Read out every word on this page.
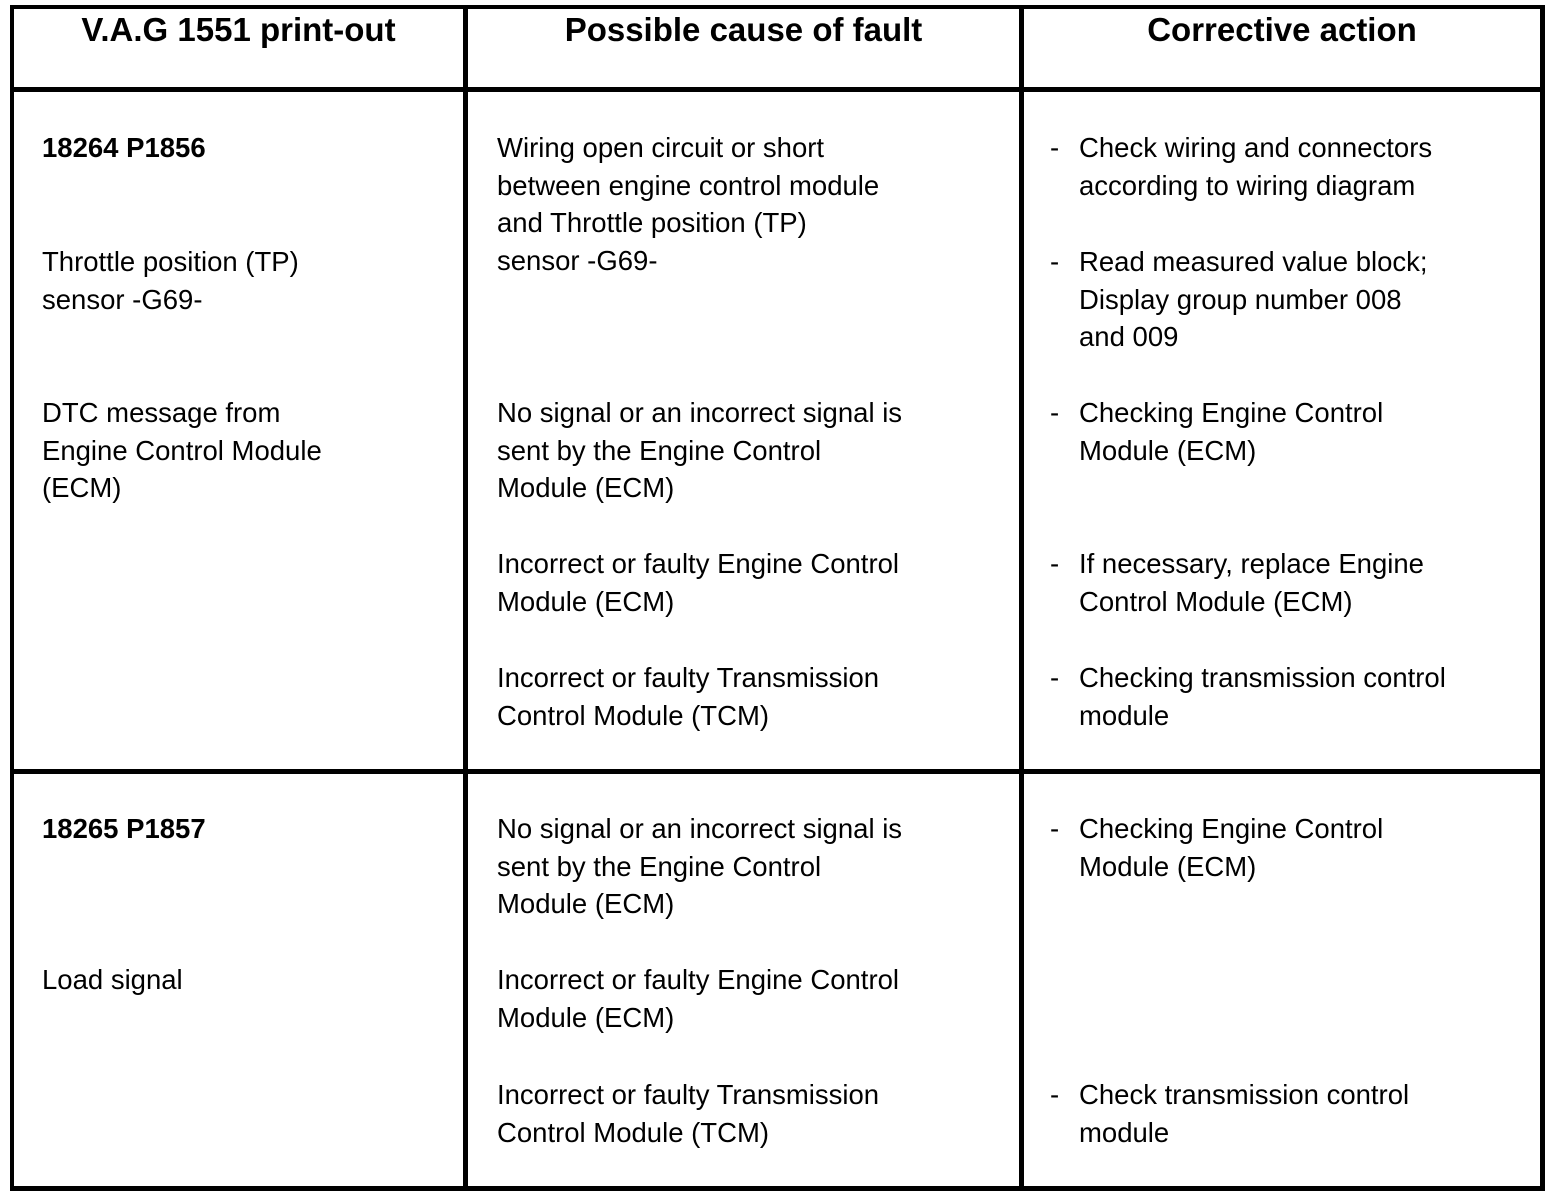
V.A.G 1551 print-out	Possible cause of fault	Corrective action
18264 P1856
Throttle position (TP)
sensor -G69-
DTC message from
Engine Control Module
(ECM)
Wiring open circuit or short
between engine control module
and Throttle position (TP)
sensor -G69-
No signal or an incorrect signal is
sent by the Engine Control
Module (ECM)
Incorrect or faulty Engine Control
Module (ECM)
Incorrect or faulty Transmission
Control Module (TCM)
- Check wiring and connectors
according to wiring diagram
- Read measured value block;
Display group number 008
and 009
- Checking Engine Control
Module (ECM)
- If necessary, replace Engine
Control Module (ECM)
- Checking transmission control
module
18265 P1857
Load signal
No signal or an incorrect signal is
sent by the Engine Control
Module (ECM)
Incorrect or faulty Engine Control
Module (ECM)
Incorrect or faulty Transmission
Control Module (TCM)
- Checking Engine Control
Module (ECM)
- Check transmission control
module
